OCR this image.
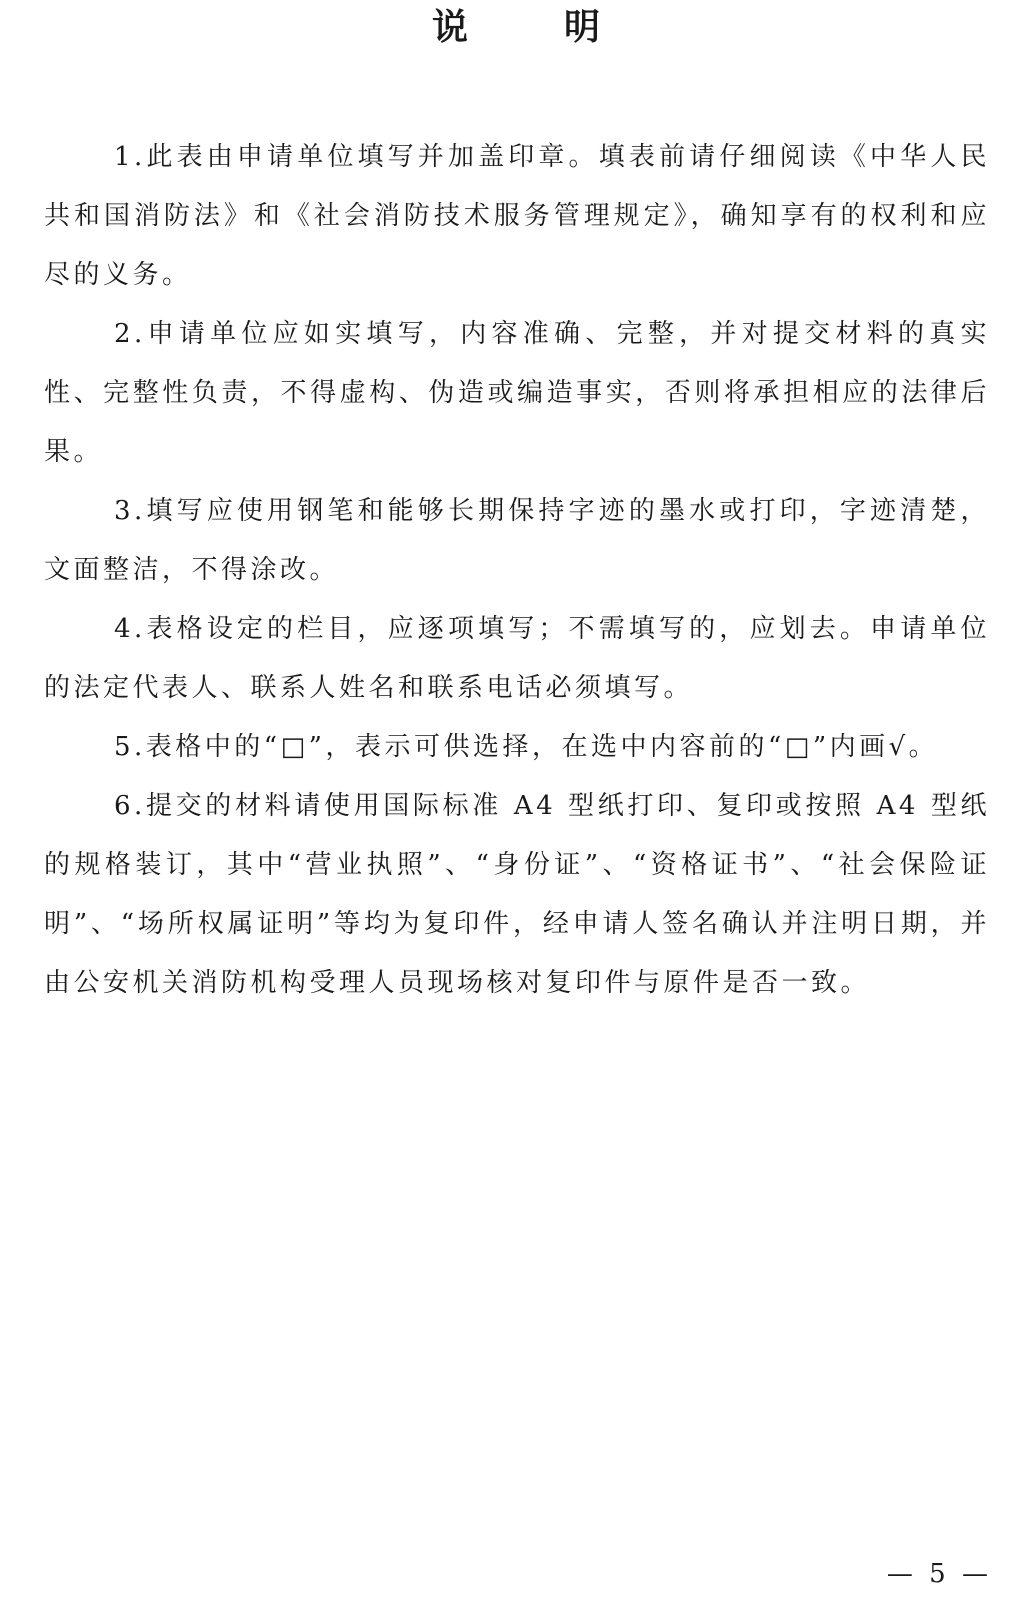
说明

1.此表由申请单位填写并加盖印章。填表前请仔细阅读《中华人民共和国消防法》和《社会消防技术服务管理规定》，确知享有的权利和应尽的义务。

2.申请单位应如实填写，内容准确、完整，并对提交材料的真实性、完整性负责，不得虚构、伪造或编造事实，否则将承担相应的法律后果。

3.填写应使用钢笔和能够长期保持字迹的墨水或打印，字迹清楚，文面整洁，不得涂改。

4.表格设定的栏目，应逐项填写；不需填写的，应划去。申请单位的法定代表人、联系人姓名和联系电话必须填写。

5.表格中的“□”，表示可供选择，在选中内容前的“□”内画√。

6.提交的材料请使用国际标准 A4 型纸打印、复印或按照 A4 型纸的规格装订，其中“营业执照”、“身份证”、“资格证书”、“社会保险证明”、“场所权属证明”等均为复印件，经申请人签名确认并注明日期，并由公安机关消防机构受理人员现场核对复印件与原件是否一致。

— 5 —
